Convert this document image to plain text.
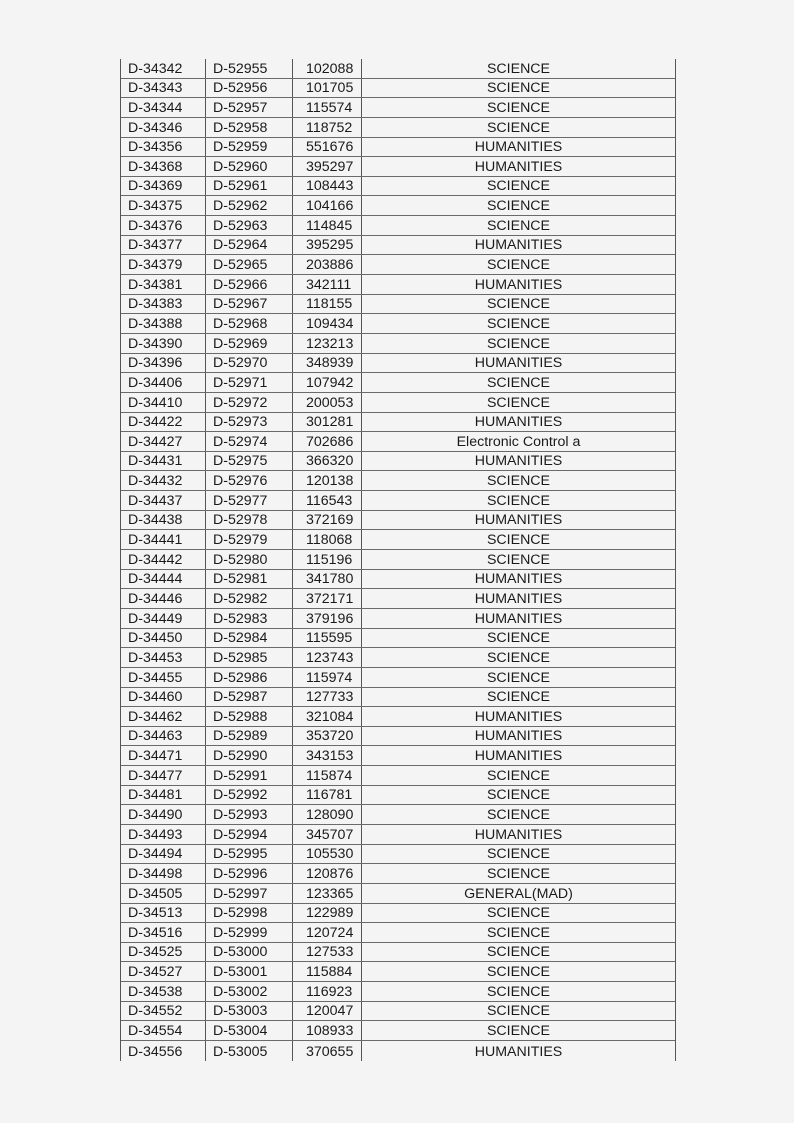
D-34342	D-52955	102088	SCIENCE
D-34343	D-52956	101705	SCIENCE
D-34344	D-52957	115574	SCIENCE
D-34346	D-52958	118752	SCIENCE
D-34356	D-52959	551676	HUMANITIES
D-34368	D-52960	395297	HUMANITIES
D-34369	D-52961	108443	SCIENCE
D-34375	D-52962	104166	SCIENCE
D-34376	D-52963	114845	SCIENCE
D-34377	D-52964	395295	HUMANITIES
D-34379	D-52965	203886	SCIENCE
D-34381	D-52966	342111	HUMANITIES
D-34383	D-52967	118155	SCIENCE
D-34388	D-52968	109434	SCIENCE
D-34390	D-52969	123213	SCIENCE
D-34396	D-52970	348939	HUMANITIES
D-34406	D-52971	107942	SCIENCE
D-34410	D-52972	200053	SCIENCE
D-34422	D-52973	301281	HUMANITIES
D-34427	D-52974	702686	Electronic Control a
D-34431	D-52975	366320	HUMANITIES
D-34432	D-52976	120138	SCIENCE
D-34437	D-52977	116543	SCIENCE
D-34438	D-52978	372169	HUMANITIES
D-34441	D-52979	118068	SCIENCE
D-34442	D-52980	115196	SCIENCE
D-34444	D-52981	341780	HUMANITIES
D-34446	D-52982	372171	HUMANITIES
D-34449	D-52983	379196	HUMANITIES
D-34450	D-52984	115595	SCIENCE
D-34453	D-52985	123743	SCIENCE
D-34455	D-52986	115974	SCIENCE
D-34460	D-52987	127733	SCIENCE
D-34462	D-52988	321084	HUMANITIES
D-34463	D-52989	353720	HUMANITIES
D-34471	D-52990	343153	HUMANITIES
D-34477	D-52991	115874	SCIENCE
D-34481	D-52992	116781	SCIENCE
D-34490	D-52993	128090	SCIENCE
D-34493	D-52994	345707	HUMANITIES
D-34494	D-52995	105530	SCIENCE
D-34498	D-52996	120876	SCIENCE
D-34505	D-52997	123365	GENERAL(MAD)
D-34513	D-52998	122989	SCIENCE
D-34516	D-52999	120724	SCIENCE
D-34525	D-53000	127533	SCIENCE
D-34527	D-53001	115884	SCIENCE
D-34538	D-53002	116923	SCIENCE
D-34552	D-53003	120047	SCIENCE
D-34554	D-53004	108933	SCIENCE
D-34556	D-53005	370655	HUMANITIES
